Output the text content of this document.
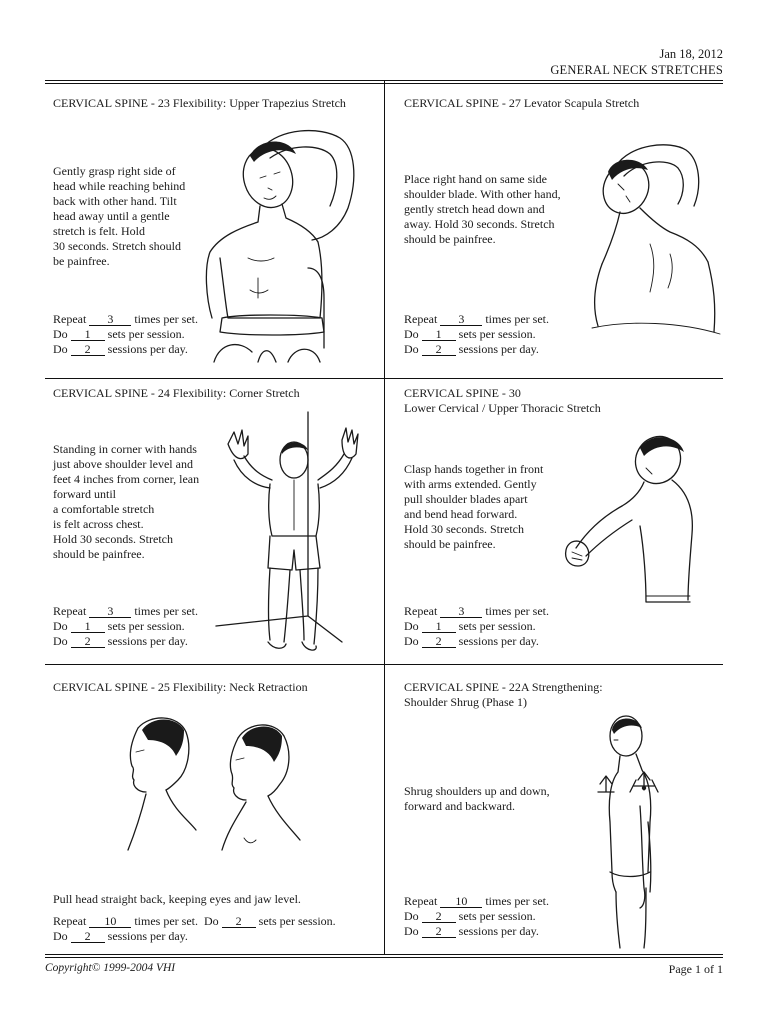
Jan 18, 2012
GENERAL NECK STRETCHES
CERVICAL SPINE - 23 Flexibility: Upper Trapezius Stretch
Gently grasp right side of
head while reaching behind
back with other hand. Tilt
head away until a gentle
stretch is felt. Hold
30 seconds. Stretch should
be painfree.
Repeat 3 times per set.
Do 1 sets per session.
Do 2 sessions per day.
CERVICAL SPINE - 27 Levator Scapula Stretch
Place right hand on same side
shoulder blade. With other hand,
gently stretch head down and
away. Hold 30 seconds. Stretch
should be painfree.
Repeat 3 times per set.
Do 1 sets per session.
Do 2 sessions per day.
CERVICAL SPINE - 24 Flexibility: Corner Stretch
Standing in corner with hands
just above shoulder level and
feet 4 inches from corner, lean
forward until
a comfortable stretch
is felt across chest.
Hold 30 seconds. Stretch
should be painfree.
Repeat 3 times per set.
Do 1 sets per session.
Do 2 sessions per day.
CERVICAL SPINE - 30
Lower Cervical / Upper Thoracic Stretch
Clasp hands together in front
with arms extended. Gently
pull shoulder blades apart
and bend head forward.
Hold 30 seconds. Stretch
should be painfree.
Repeat 3 times per set.
Do 1 sets per session.
Do 2 sessions per day.
CERVICAL SPINE - 25 Flexibility: Neck Retraction
Pull head straight back, keeping eyes and jaw level.
Repeat 10 times per set. Do 2 sets per session.
Do 2 sessions per day.
CERVICAL SPINE - 22A Strengthening:
Shoulder Shrug (Phase 1)
Shrug shoulders up and down,
forward and backward.
Repeat 10 times per set.
Do 2 sets per session.
Do 2 sessions per day.
Copyright© 1999-2004 VHI	Page 1 of 1
